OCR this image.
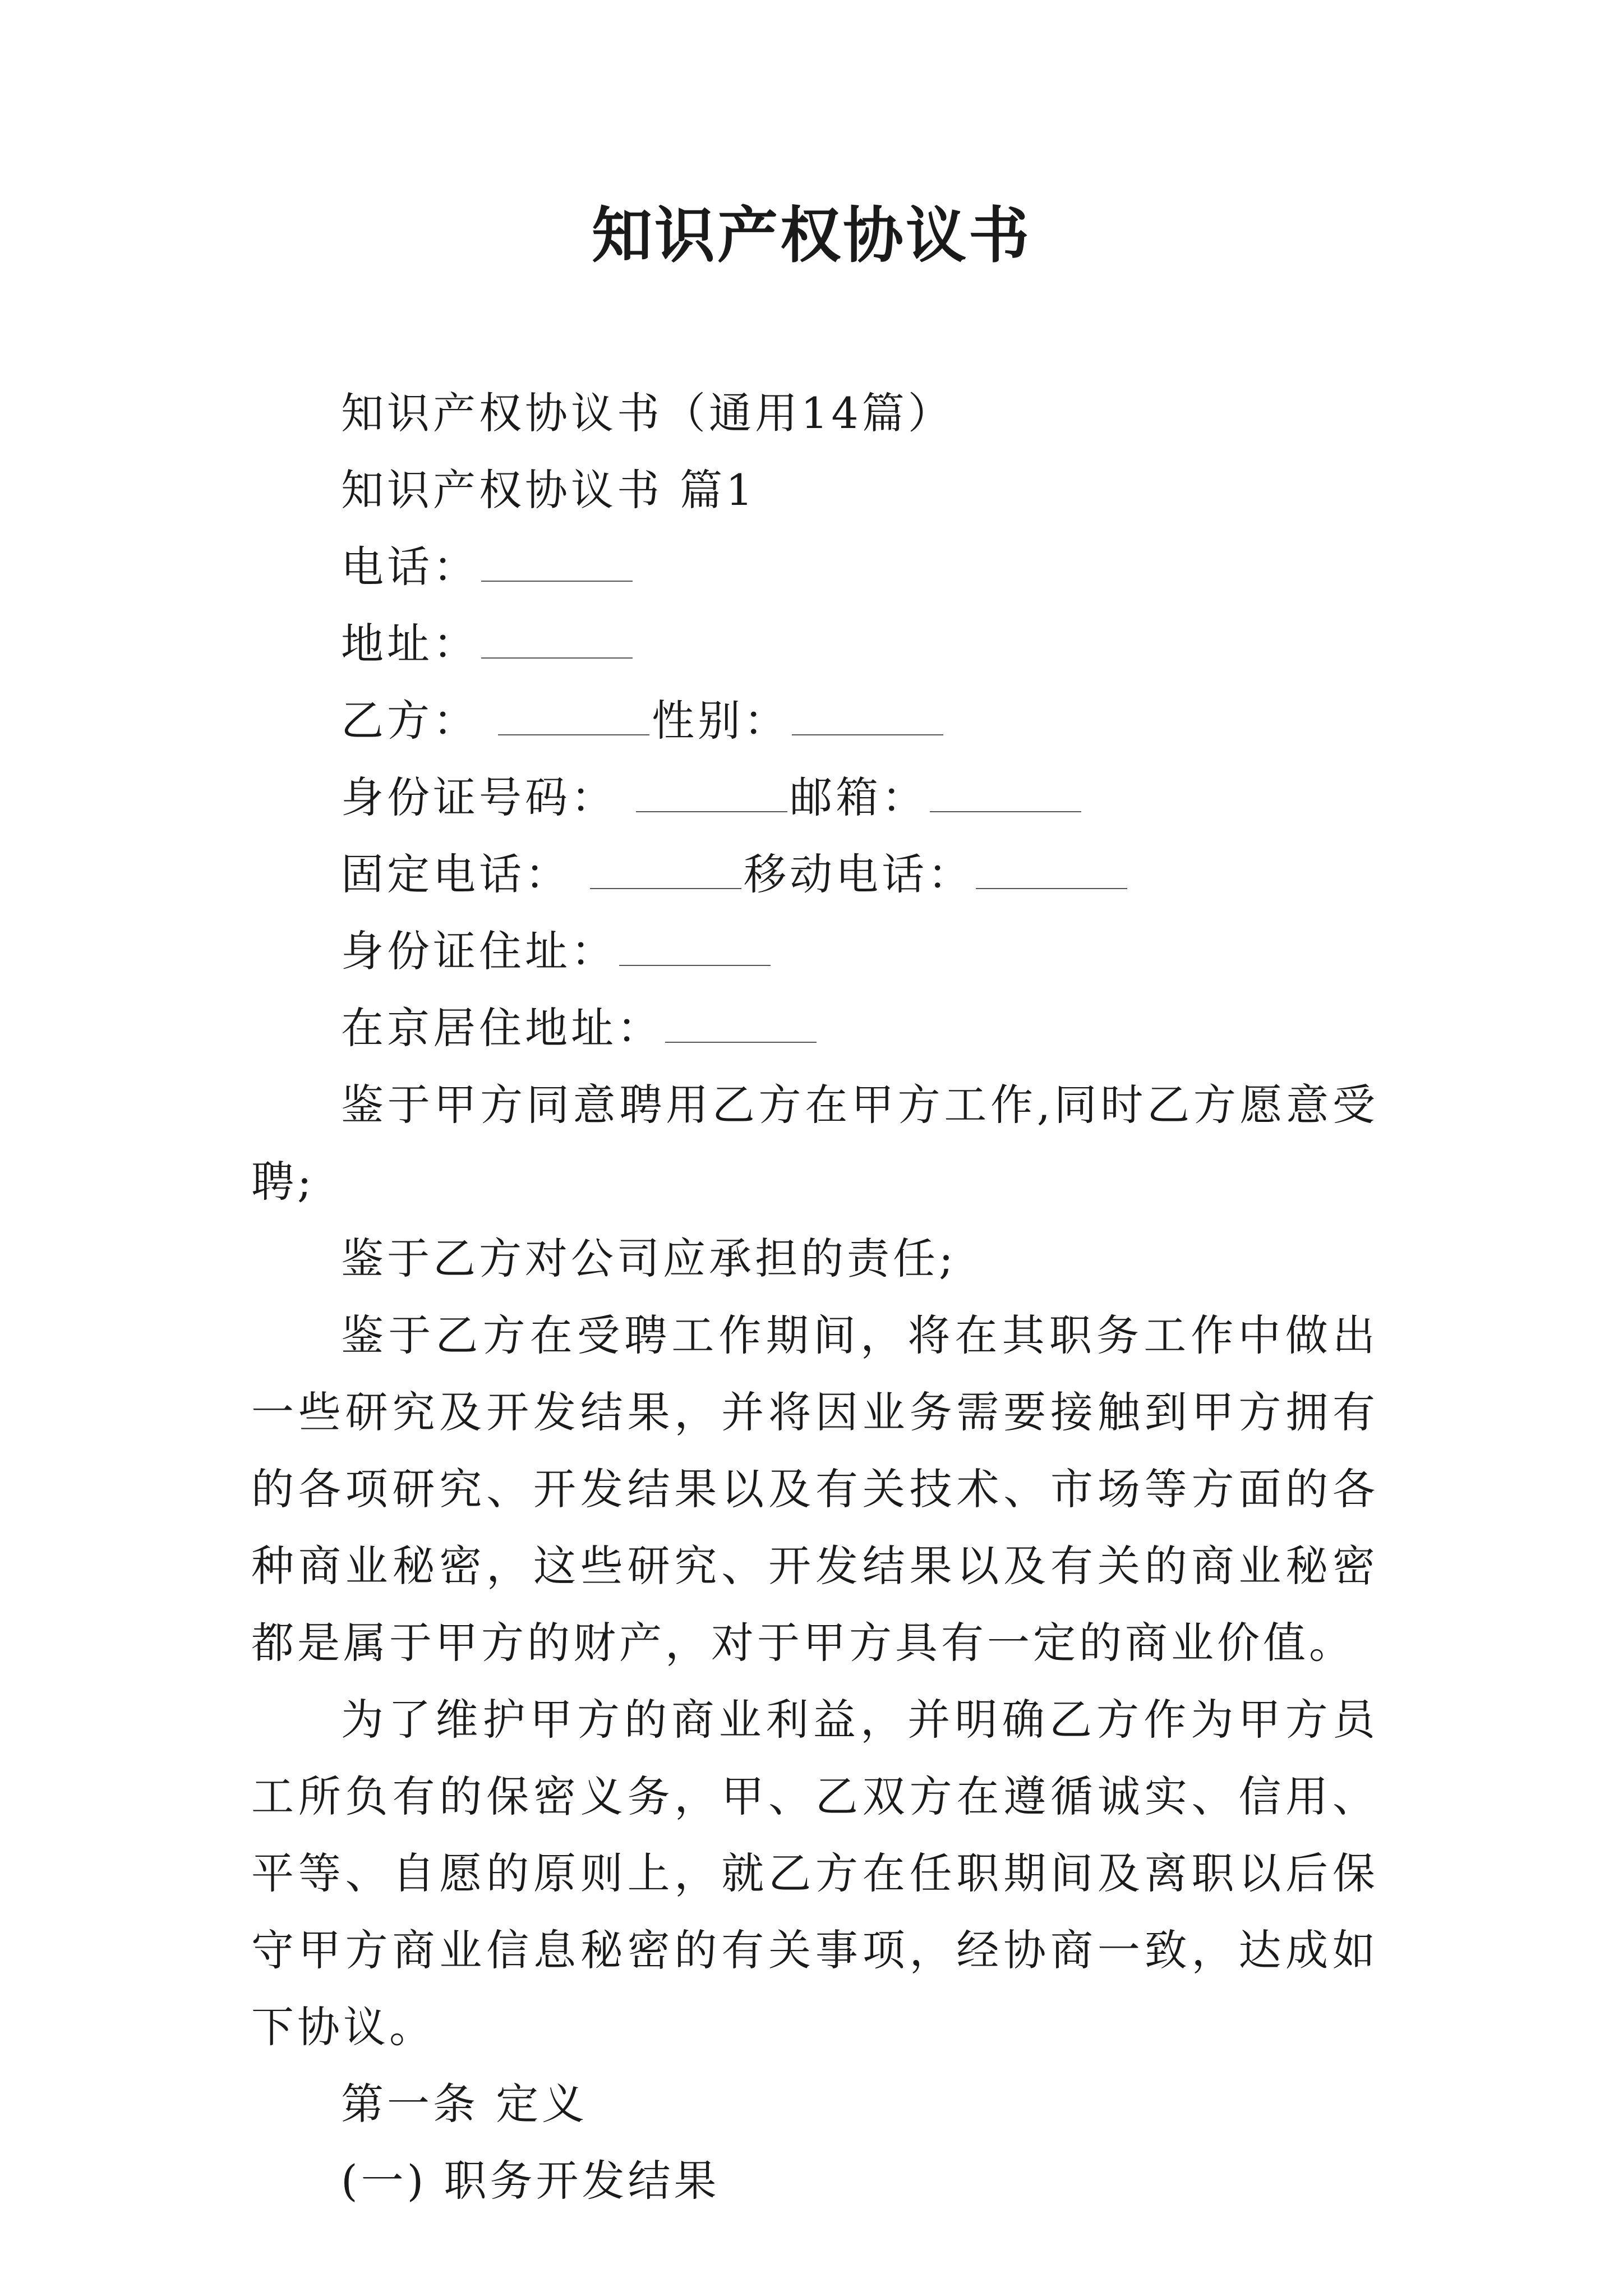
知识产权协议书
知识产权协议书（通用14篇）
知识产权协议书 篇1
电话：
地址：
乙方：	性别：
身份证号码：	邮箱：
固定电话：	移动电话：
身份证住址：
在京居住地址：
鉴于甲方同意聘用乙方在甲方工作,同时乙方愿意受聘;
鉴于乙方对公司应承担的责任;
鉴于乙方在受聘工作期间，将在其职务工作中做出一些研究及开发结果，并将因业务需要接触到甲方拥有的各项研究、开发结果以及有关技术、市场等方面的各种商业秘密，这些研究、开发结果以及有关的商业秘密都是属于甲方的财产，对于甲方具有一定的商业价值。
为了维护甲方的商业利益，并明确乙方作为甲方员工所负有的保密义务，甲、乙双方在遵循诚实、信用、平等、自愿的原则上，就乙方在任职期间及离职以后保守甲方商业信息秘密的有关事项，经协商一致，达成如下协议。
第一条 定义
(一) 职务开发结果
